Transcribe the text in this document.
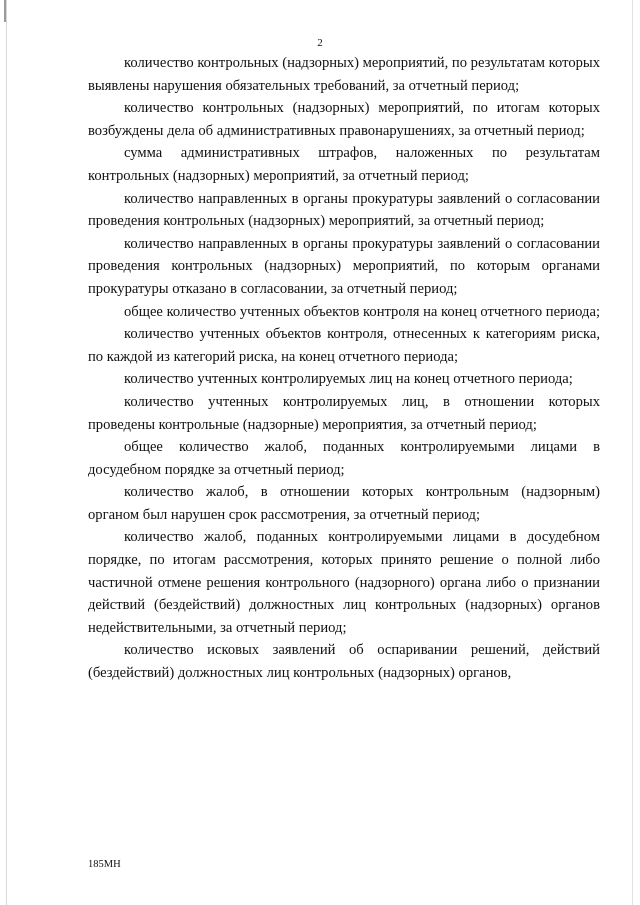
2

количество контрольных (надзорных) мероприятий, по результатам которых выявлены нарушения обязательных требований, за отчетный период;

количество контрольных (надзорных) мероприятий, по итогам которых возбуждены дела об административных правонарушениях, за отчетный период;

сумма административных штрафов, наложенных по результатам контрольных (надзорных) мероприятий, за отчетный период;

количество направленных в органы прокуратуры заявлений о согласовании проведения контрольных (надзорных) мероприятий, за отчетный период;

количество направленных в органы прокуратуры заявлений о согласовании проведения контрольных (надзорных) мероприятий, по которым органами прокуратуры отказано в согласовании, за отчетный период;

общее количество учтенных объектов контроля на конец отчетного периода;

количество учтенных объектов контроля, отнесенных к категориям риска, по каждой из категорий риска, на конец отчетного периода;

количество учтенных контролируемых лиц на конец отчетного периода;

количество учтенных контролируемых лиц, в отношении которых проведены контрольные (надзорные) мероприятия, за отчетный период;

общее количество жалоб, поданных контролируемыми лицами в досудебном порядке за отчетный период;

количество жалоб, в отношении которых контрольным (надзорным) органом был нарушен срок рассмотрения, за отчетный период;

количество жалоб, поданных контролируемыми лицами в досудебном порядке, по итогам рассмотрения, которых принято решение о полной либо частичной отмене решения контрольного (надзорного) органа либо о признании действий (бездействий) должностных лиц контрольных (надзорных) органов недействительными, за отчетный период;

количество исковых заявлений об оспаривании решений, действий (бездействий) должностных лиц контрольных (надзорных) органов,

185МН
